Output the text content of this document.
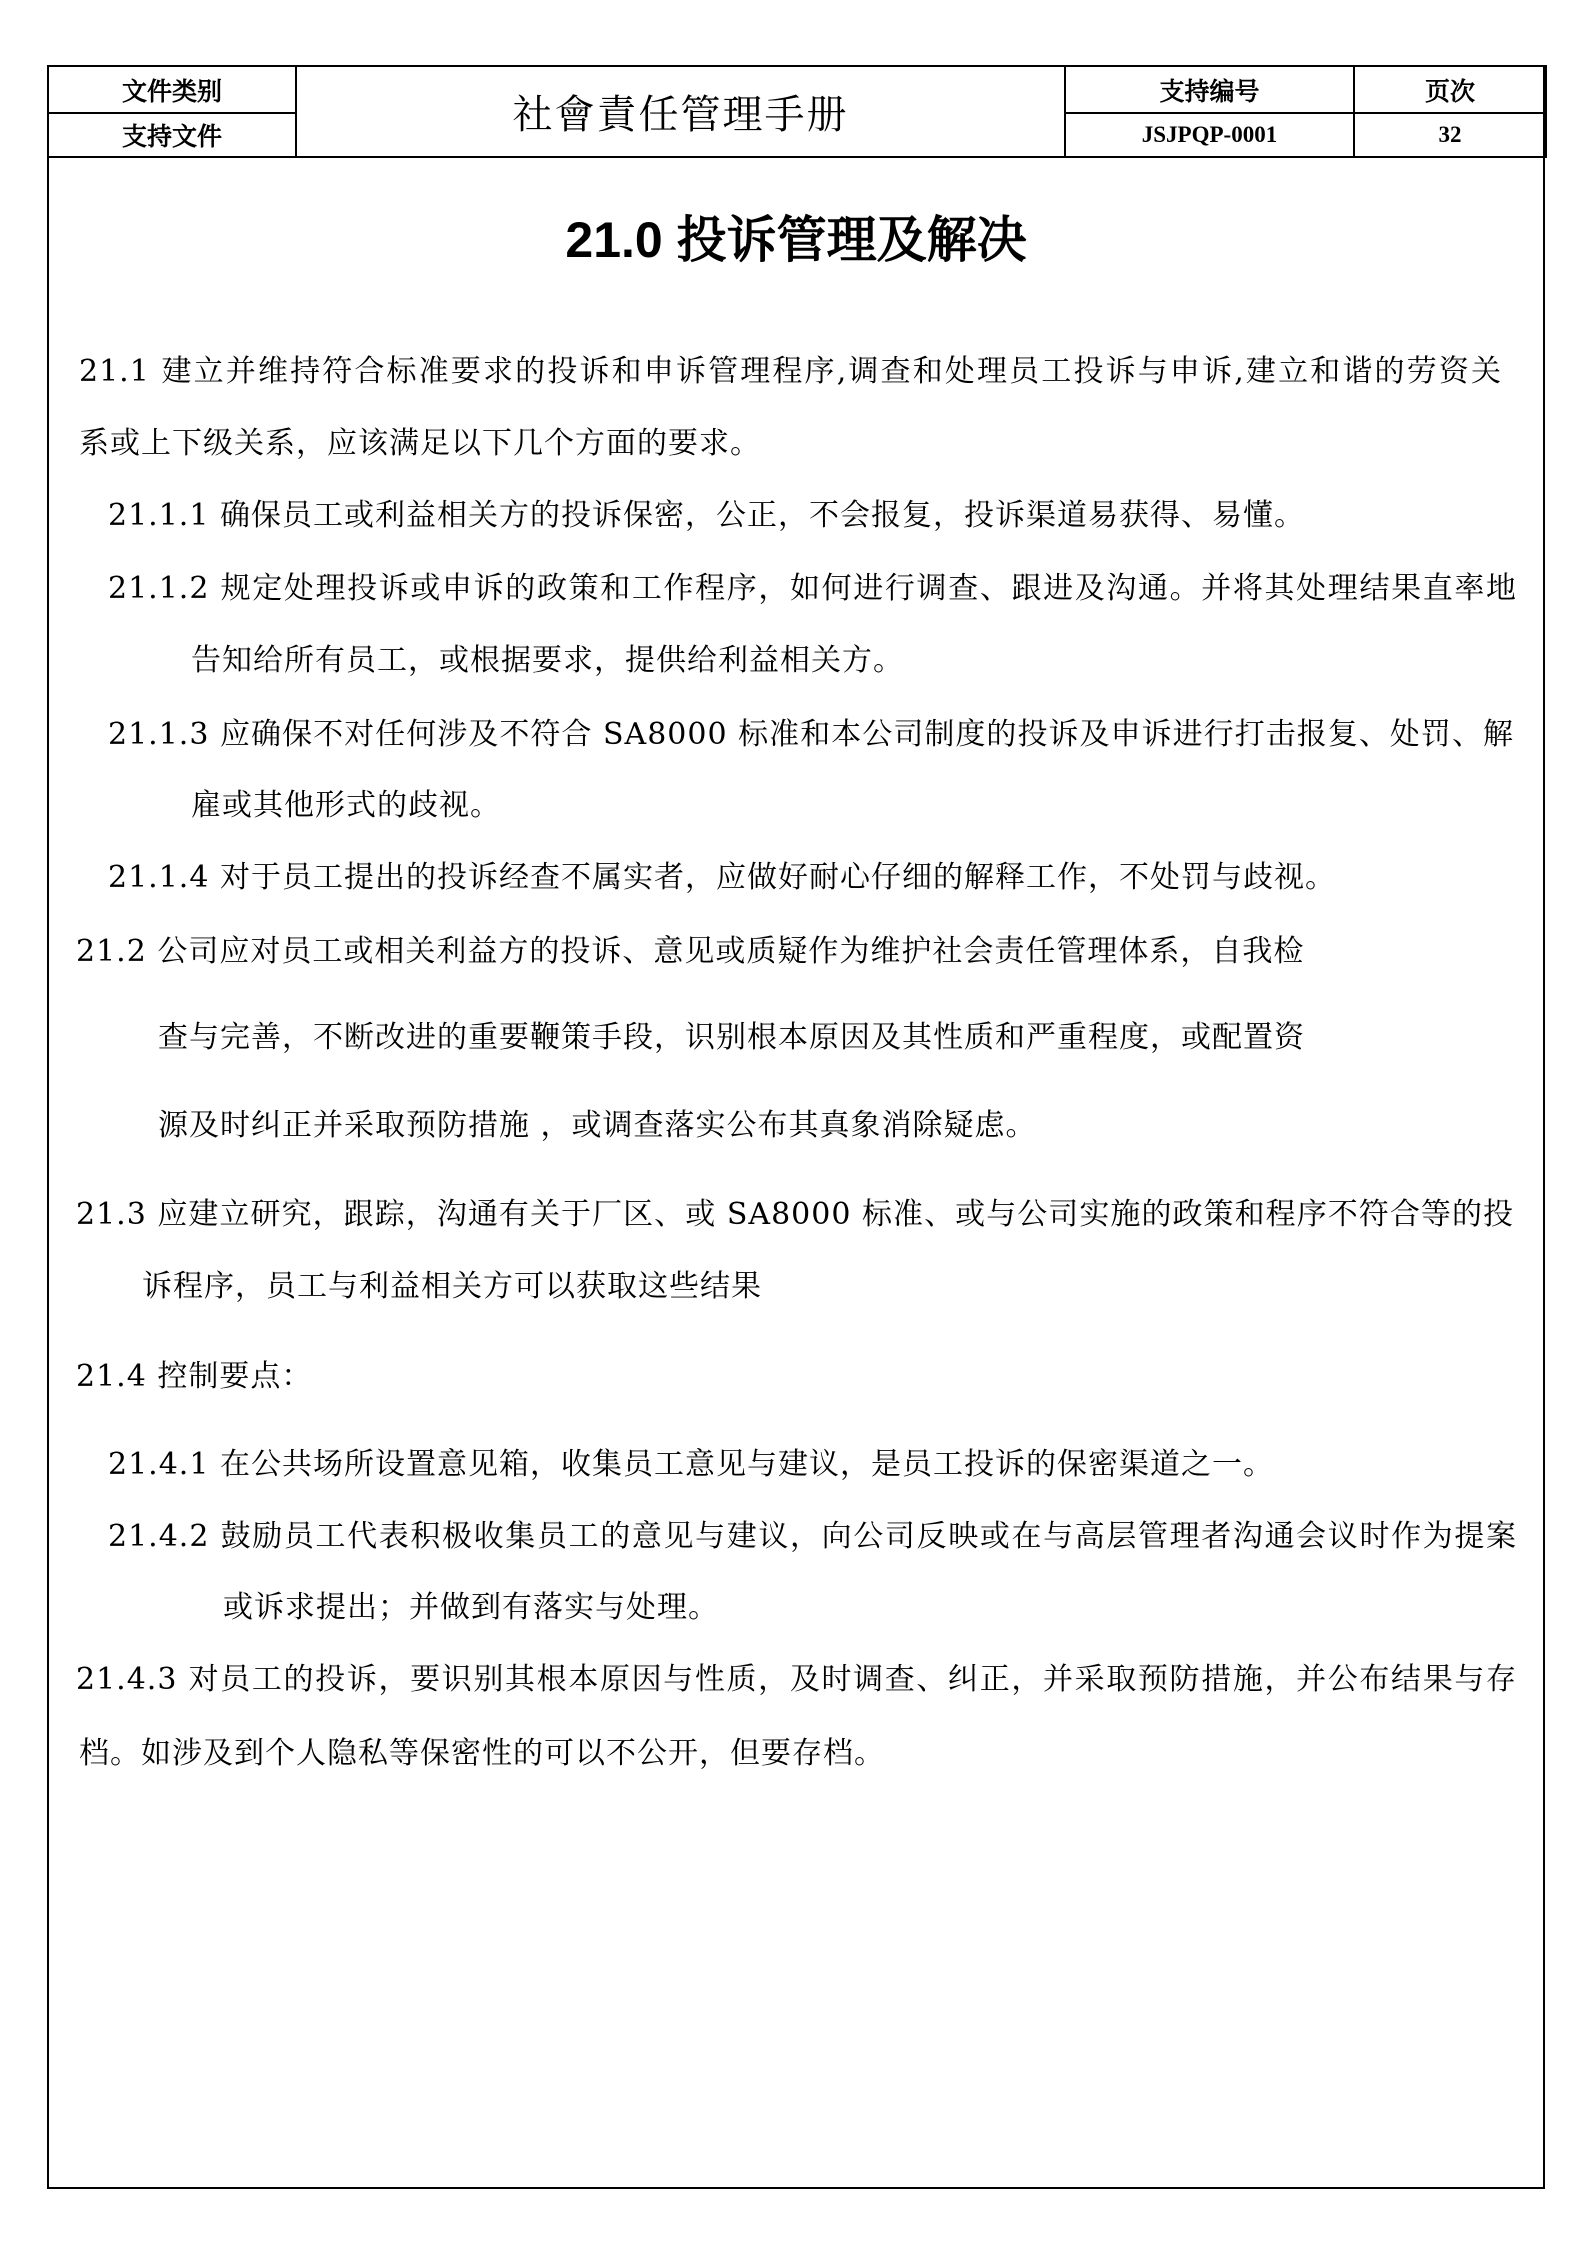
文件类别	社會責任管理手册	支持编号	页次
支持文件		JSJPQP-0001	32
21.0 投诉管理及解决
21.1 建立并维持符合标准要求的投诉和申诉管理程序,调查和处理员工投诉与申诉,建立和谐的劳资关
系或上下级关系，应该满足以下几个方面的要求。
21.1.1 确保员工或利益相关方的投诉保密，公正，不会报复，投诉渠道易获得、易懂。
21.1.2 规定处理投诉或申诉的政策和工作程序，如何进行调查、跟进及沟通。并将其处理结果直率地
告知给所有员工，或根据要求，提供给利益相关方。
21.1.3 应确保不对任何涉及不符合 SA8000 标准和本公司制度的投诉及申诉进行打击报复、处罚、解
雇或其他形式的歧视。
21.1.4 对于员工提出的投诉经查不属实者，应做好耐心仔细的解释工作，不处罚与歧视。
21.2 公司应对员工或相关利益方的投诉、意见或质疑作为维护社会责任管理体系，自我检
查与完善，不断改进的重要鞭策手段，识别根本原因及其性质和严重程度，或配置资
源及时纠正并采取预防措施 ，或调查落实公布其真象消除疑虑。
21.3 应建立研究，跟踪，沟通有关于厂区、或 SA8000 标准、或与公司实施的政策和程序不符合等的投
诉程序，员工与利益相关方可以获取这些结果
21.4 控制要点：
21.4.1 在公共场所设置意见箱，收集员工意见与建议，是员工投诉的保密渠道之一。
21.4.2 鼓励员工代表积极收集员工的意见与建议，向公司反映或在与高层管理者沟通会议时作为提案
或诉求提出；并做到有落实与处理。
21.4.3 对员工的投诉，要识别其根本原因与性质，及时调查、纠正，并采取预防措施，并公布结果与存
档。如涉及到个人隐私等保密性的可以不公开，但要存档。
